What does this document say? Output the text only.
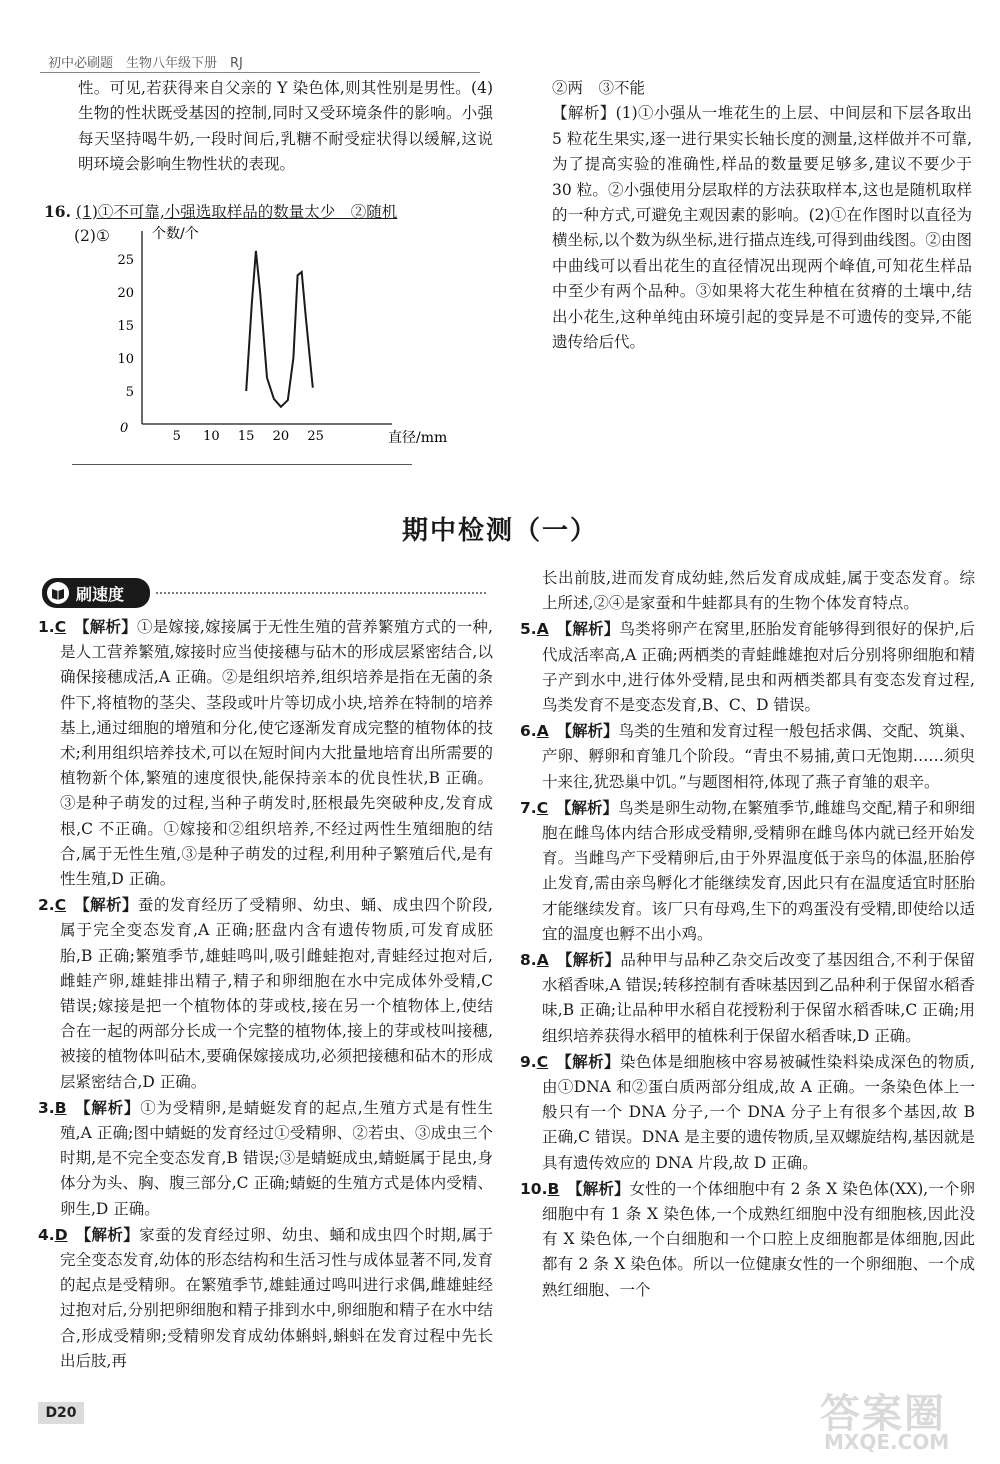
初中必刷题　生物八年级下册　RJ

性。可见,若获得来自父亲的 Y 染色体,则其性别是男性。(4)生物的性状既受基因的控制,同时又受环境条件的影响。小强每天坚持喝牛奶,一段时间后,乳糖不耐受症状得以缓解,这说明环境会影响生物性状的表现。

16. (1)①不可靠,小强选取样品的数量太少　②随机
(2)①
5 10 15 20 25
5
10
15
20
25
个数/个
直径/mm
0

②两　③不能

【解析】(1)①小强从一堆花生的上层、中间层和下层各取出 5 粒花生果实,逐一进行果实长轴长度的测量,这样做并不可靠,为了提高实验的准确性,样品的数量要足够多,建议不要少于 30 粒。②小强使用分层取样的方法获取样本,这也是随机取样的一种方式,可避免主观因素的影响。(2)①在作图时以直径为横坐标,以个数为纵坐标,进行描点连线,可得到曲线图。②由图中曲线可以看出花生的直径情况出现两个峰值,可知花生样品中至少有两个品种。③如果将大花生种植在贫瘠的土壤中,结出小花生,这种单纯由环境引起的变异是不可遗传的变异,不能遗传给后代。

期中检测（一）
刷速度

1.C  【解析】①是嫁接,嫁接属于无性生殖的营养繁殖方式的一种,是人工营养繁殖,嫁接时应当使接穗与砧木的形成层紧密结合,以确保接穗成活,A 正确。②是组织培养,组织培养是指在无菌的条件下,将植物的茎尖、茎段或叶片等切成小块,培养在特制的培养基上,通过细胞的增殖和分化,使它逐渐发育成完整的植物体的技术;利用组织培养技术,可以在短时间内大批量地培育出所需要的植物新个体,繁殖的速度很快,能保持亲本的优良性状,B 正确。③是种子萌发的过程,当种子萌发时,胚根最先突破种皮,发育成根,C 不正确。①嫁接和②组织培养,不经过两性生殖细胞的结合,属于无性生殖,③是种子萌发的过程,利用种子繁殖后代,是有性生殖,D 正确。

2.C  【解析】蚕的发育经历了受精卵、幼虫、蛹、成虫四个阶段,属于完全变态发育,A 正确;胚盘内含有遗传物质,可发育成胚胎,B 正确;繁殖季节,雄蛙鸣叫,吸引雌蛙抱对,青蛙经过抱对后,雌蛙产卵,雄蛙排出精子,精子和卵细胞在水中完成体外受精,C 错误;嫁接是把一个植物体的芽或枝,接在另一个植物体上,使结合在一起的两部分长成一个完整的植物体,接上的芽或枝叫接穗,被接的植物体叫砧木,要确保嫁接成功,必须把接穗和砧木的形成层紧密结合,D 正确。

3.B  【解析】①为受精卵,是蜻蜓发育的起点,生殖方式是有性生殖,A 正确;图中蜻蜓的发育经过①受精卵、②若虫、③成虫三个时期,是不完全变态发育,B 错误;③是蜻蜓成虫,蜻蜓属于昆虫,身体分为头、胸、腹三部分,C 正确;蜻蜓的生殖方式是体内受精、卵生,D 正确。

4.D  【解析】家蚕的发育经过卵、幼虫、蛹和成虫四个时期,属于完全变态发育,幼体的形态结构和生活习性与成体显著不同,发育的起点是受精卵。在繁殖季节,雄蛙通过鸣叫进行求偶,雌雄蛙经过抱对后,分别把卵细胞和精子排到水中,卵细胞和精子在水中结合,形成受精卵;受精卵发育成幼体蝌蚪,蝌蚪在发育过程中先长出后肢,再

长出前肢,进而发育成幼蛙,然后发育成成蛙,属于变态发育。综上所述,②④是家蚕和牛蛙都具有的生物个体发育特点。

5.A  【解析】鸟类将卵产在窝里,胚胎发育能够得到很好的保护,后代成活率高,A 正确;两栖类的青蛙雌雄抱对后分别将卵细胞和精子产到水中,进行体外受精,昆虫和两栖类都具有变态发育过程,鸟类发育不是变态发育,B、C、D 错误。

6.A  【解析】鸟类的生殖和发育过程一般包括求偶、交配、筑巢、产卵、孵卵和育雏几个阶段。“青虫不易捕,黄口无饱期……须臾十来往,犹恐巢中饥。”与题图相符,体现了燕子育雏的艰辛。

7.C  【解析】鸟类是卵生动物,在繁殖季节,雌雄鸟交配,精子和卵细胞在雌鸟体内结合形成受精卵,受精卵在雌鸟体内就已经开始发育。当雌鸟产下受精卵后,由于外界温度低于亲鸟的体温,胚胎停止发育,需由亲鸟孵化才能继续发育,因此只有在温度适宜时胚胎才能继续发育。该厂只有母鸡,生下的鸡蛋没有受精,即使给以适宜的温度也孵不出小鸡。

8.A  【解析】品种甲与品种乙杂交后改变了基因组合,不利于保留水稻香味,A 错误;转移控制有香味基因到乙品种利于保留水稻香味,B 正确;让品种甲水稻自花授粉利于保留水稻香味,C 正确;用组织培养获得水稻甲的植株利于保留水稻香味,D 正确。

9.C  【解析】染色体是细胞核中容易被碱性染料染成深色的物质,由①DNA 和②蛋白质两部分组成,故 A 正确。一条染色体上一般只有一个 DNA 分子,一个 DNA 分子上有很多个基因,故 B 正确,C 错误。DNA 是主要的遗传物质,呈双螺旋结构,基因就是具有遗传效应的 DNA 片段,故 D 正确。

10.B  【解析】女性的一个体细胞中有 2 条 X 染色体(XX),一个卵细胞中有 1 条 X 染色体,一个成熟红细胞中没有细胞核,因此没有 X 染色体,一个白细胞和一个口腔上皮细胞都是体细胞,因此都有 2 条 X 染色体。所以一位健康女性的一个卵细胞、一个成熟红细胞、一个

D20	答案圈
MXQE.COM
